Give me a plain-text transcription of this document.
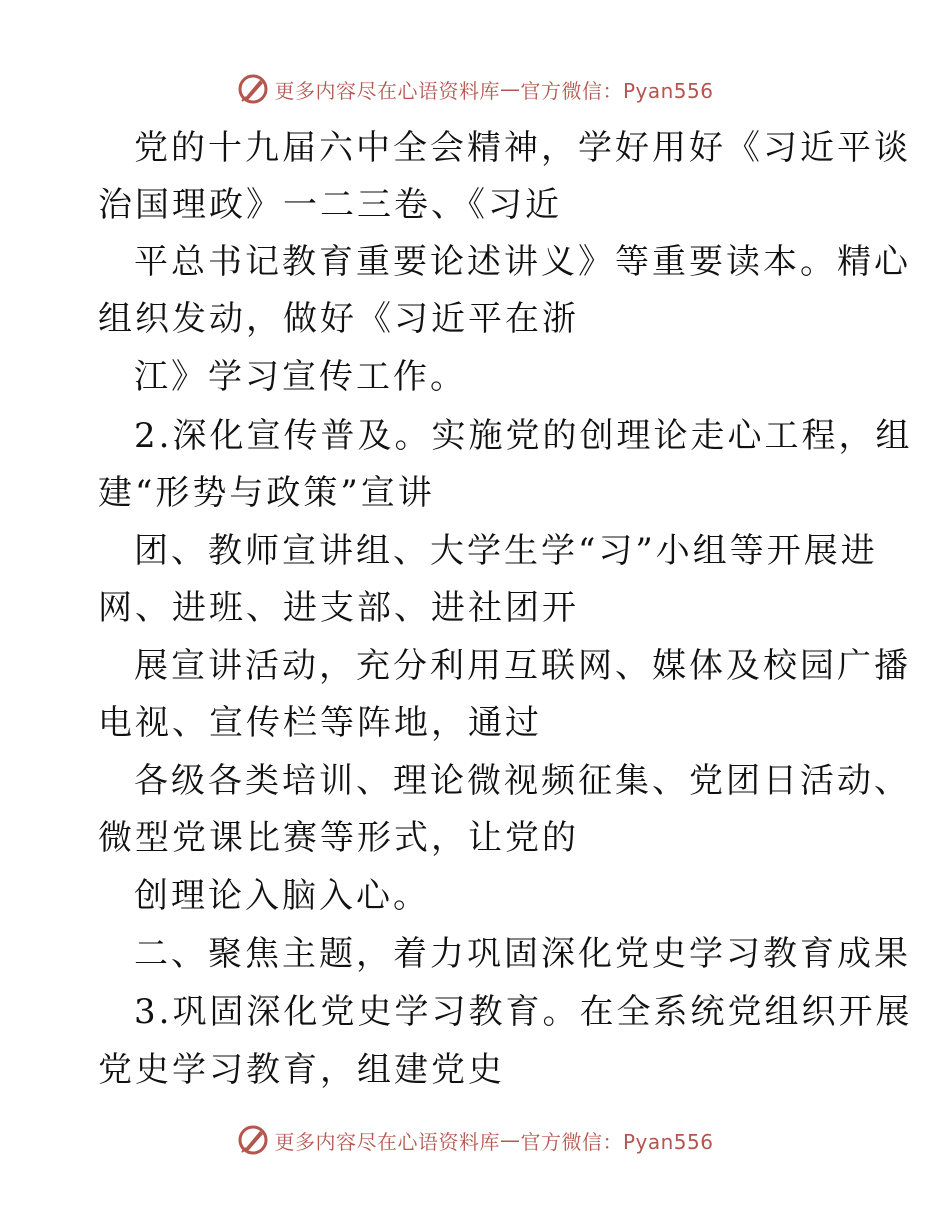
更多内容尽在心语资料库 — 官方微信：Pyan556
党的十九届六中全会精神，学好用好《习近平谈
治国理政》一二三卷、《习近
平总书记教育重要论述讲义》等重要读本。精心
组织发动，做好《习近平在浙
江》学习宣传工作。
2.深化宣传普及。实施党的创理论走心工程，组
建“形势与政策”宣讲
团、教师宣讲组、大学生学“习”小组等开展进
网、进班、进支部、进社团开
展宣讲活动，充分利用互联网、媒体及校园广播
电视、宣传栏等阵地，通过
各级各类培训、理论微视频征集、党团日活动、
微型党课比赛等形式，让党的
创理论入脑入心。
二、聚焦主题，着力巩固深化党史学习教育成果
3.巩固深化党史学习教育。在全系统党组织开展
党史学习教育，组建党史
更多内容尽在心语资料库 — 官方微信：Pyan556
